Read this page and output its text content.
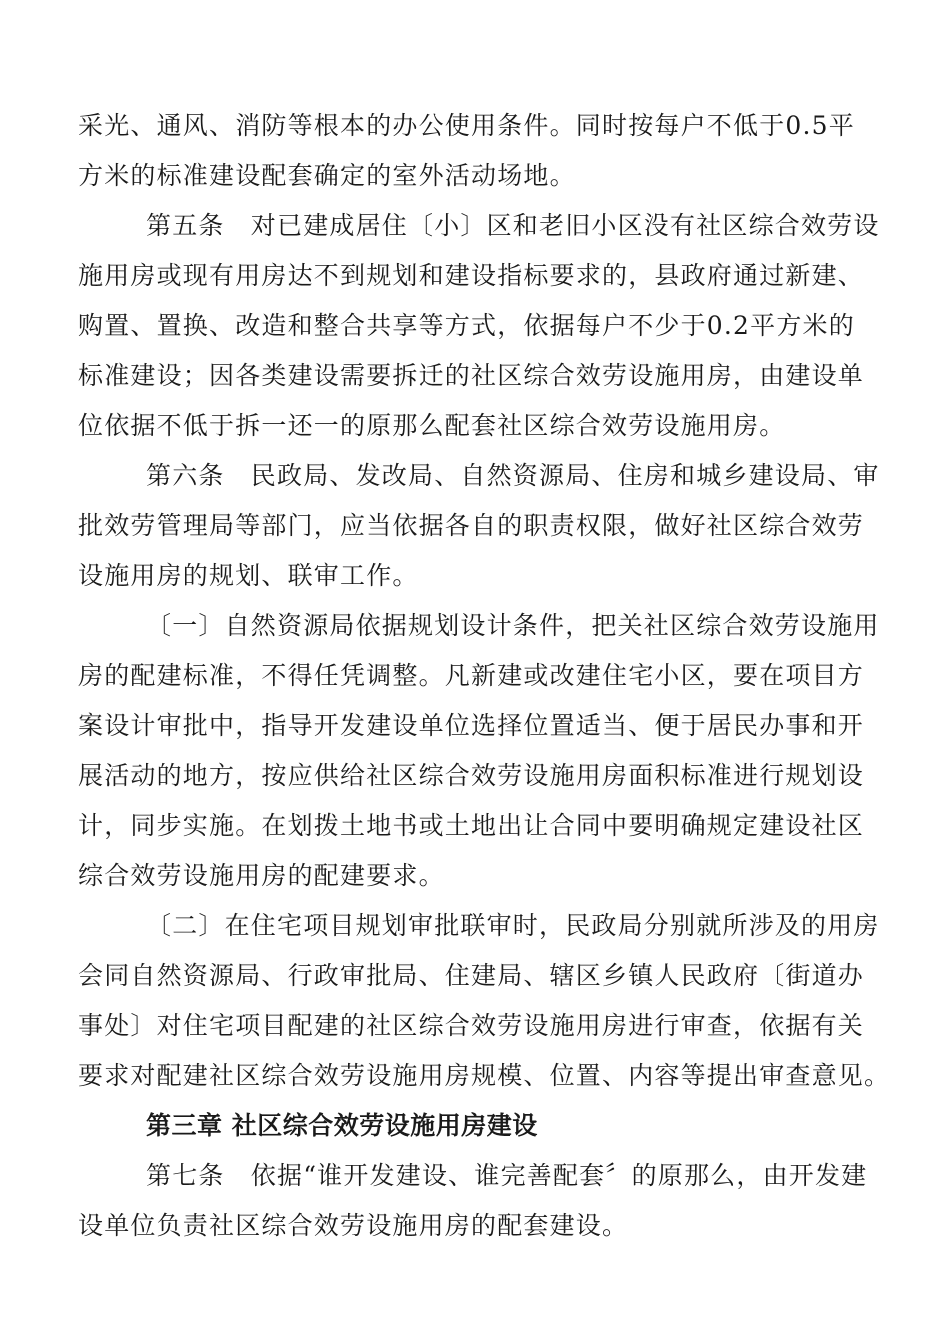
采光、通风、消防等根本的办公使用条件。同时按每户不低于0.5平
方米的标准建设配套确定的室外活动场地。
第五条　对已建成居住〔小〕区和老旧小区没有社区综合效劳设
施用房或现有用房达不到规划和建设指标要求的，县政府通过新建、
购置、置换、改造和整合共享等方式，依据每户不少于0.2平方米的
标准建设；因各类建设需要拆迁的社区综合效劳设施用房，由建设单
位依据不低于拆一还一的原那么配套社区综合效劳设施用房。
第六条　民政局、发改局、自然资源局、住房和城乡建设局、审
批效劳管理局等部门，应当依据各自的职责权限，做好社区综合效劳
设施用房的规划、联审工作。
〔一〕自然资源局依据规划设计条件，把关社区综合效劳设施用
房的配建标准，不得任凭调整。凡新建或改建住宅小区，要在项目方
案设计审批中，指导开发建设单位选择位置适当、便于居民办事和开
展活动的地方，按应供给社区综合效劳设施用房面积标准进行规划设
计，同步实施。在划拨土地书或土地出让合同中要明确规定建设社区
综合效劳设施用房的配建要求。
〔二〕在住宅项目规划审批联审时，民政局分别就所涉及的用房
会同自然资源局、行政审批局、住建局、辖区乡镇人民政府〔街道办
事处〕对住宅项目配建的社区综合效劳设施用房进行审查，依据有关
要求对配建社区综合效劳设施用房规模、位置、内容等提出审查意见。
第三章 社区综合效劳设施用房建设
第七条　依据“谁开发建设、谁完善配套〞的原那么，由开发建
设单位负责社区综合效劳设施用房的配套建设。
